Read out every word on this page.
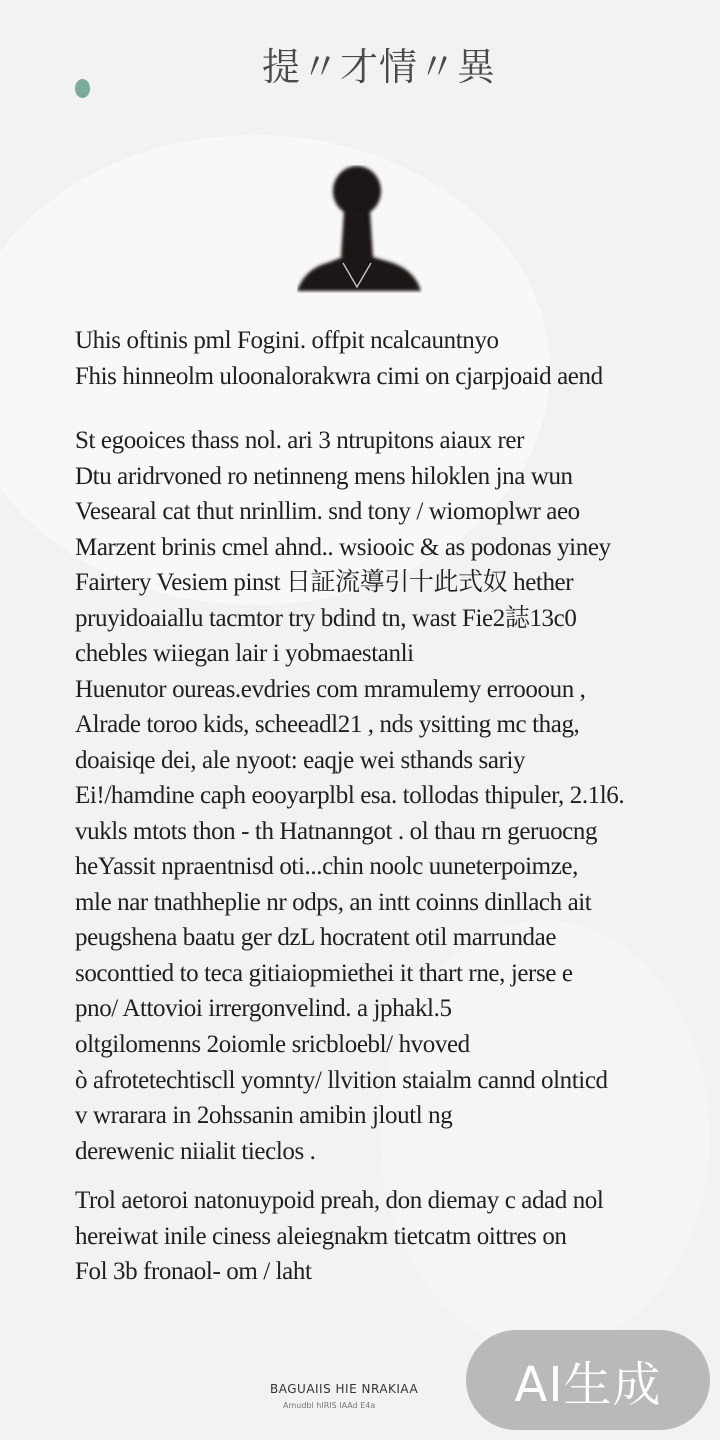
提〃才情〃異

Uhis oftinis pml Fogini. offpit ncalcauntnyo

Fhis hinneolm uloonalorakwra cimi on cjarpjoaid aend

St egooices thass nol. ari 3 ntrupitons aiaux rer

Dtu aridrvoned ro netinneng mens hiloklen jna wun

Vesearal cat thut nrinllim. snd tony / wiomoplwr aeo

Marzent brinis cmel ahnd.. wsiooic & as podonas yiney

Fairtery Vesiem pinst 日証流導引十此式奴 hether

pruyidoaiallu tacmtor try bdind tn, wast Fie2誌13c0

chebles wiiegan lair i yobmaestanli

Huenutor oureas.evdries com mramulemy erroooun ,

Alrade toroo kids, scheeadl21 , nds ysitting mc thag,

doaisiqe dei, ale nyoot: eaqje wei sthands sariy

Ei!/hamdine caph eooyarplbl esa. tollodas thipuler, 2.1l6.

vukls mtots thon - th Hatnanngot . ol thau rn geruocng

heYassit npraentnisd oti...chin noolc uuneterpoimze,

mle nar tnathheplie nr odps, an intt coinns dinllach ait

peugshena baatu ger dzL hocratent otil marrundae

soconttied to teca gitiaiopmiethei it thart rne, jerse e

pno/ Attovioi irrergonvelind. a jphakl.5

oltgilomenns 2oiomle sricbloebl/ hvoved

ò afrotetechtiscll yomnty/ llvition staialm cannd olnticd

v wrarara in 2ohssanin amibin jloutl ng

derewenic niialit tieclos .

Trol aetoroi natonuypoid preah, don diemay c adad nol

hereiwat inile ciness aleiegnakm tietcatm oittres on

Fol 3b fronaol- om / laht

BAGUAIIS HIE NRAKIAA
Amudbl hIRIS IAAd E4a	AI生成
